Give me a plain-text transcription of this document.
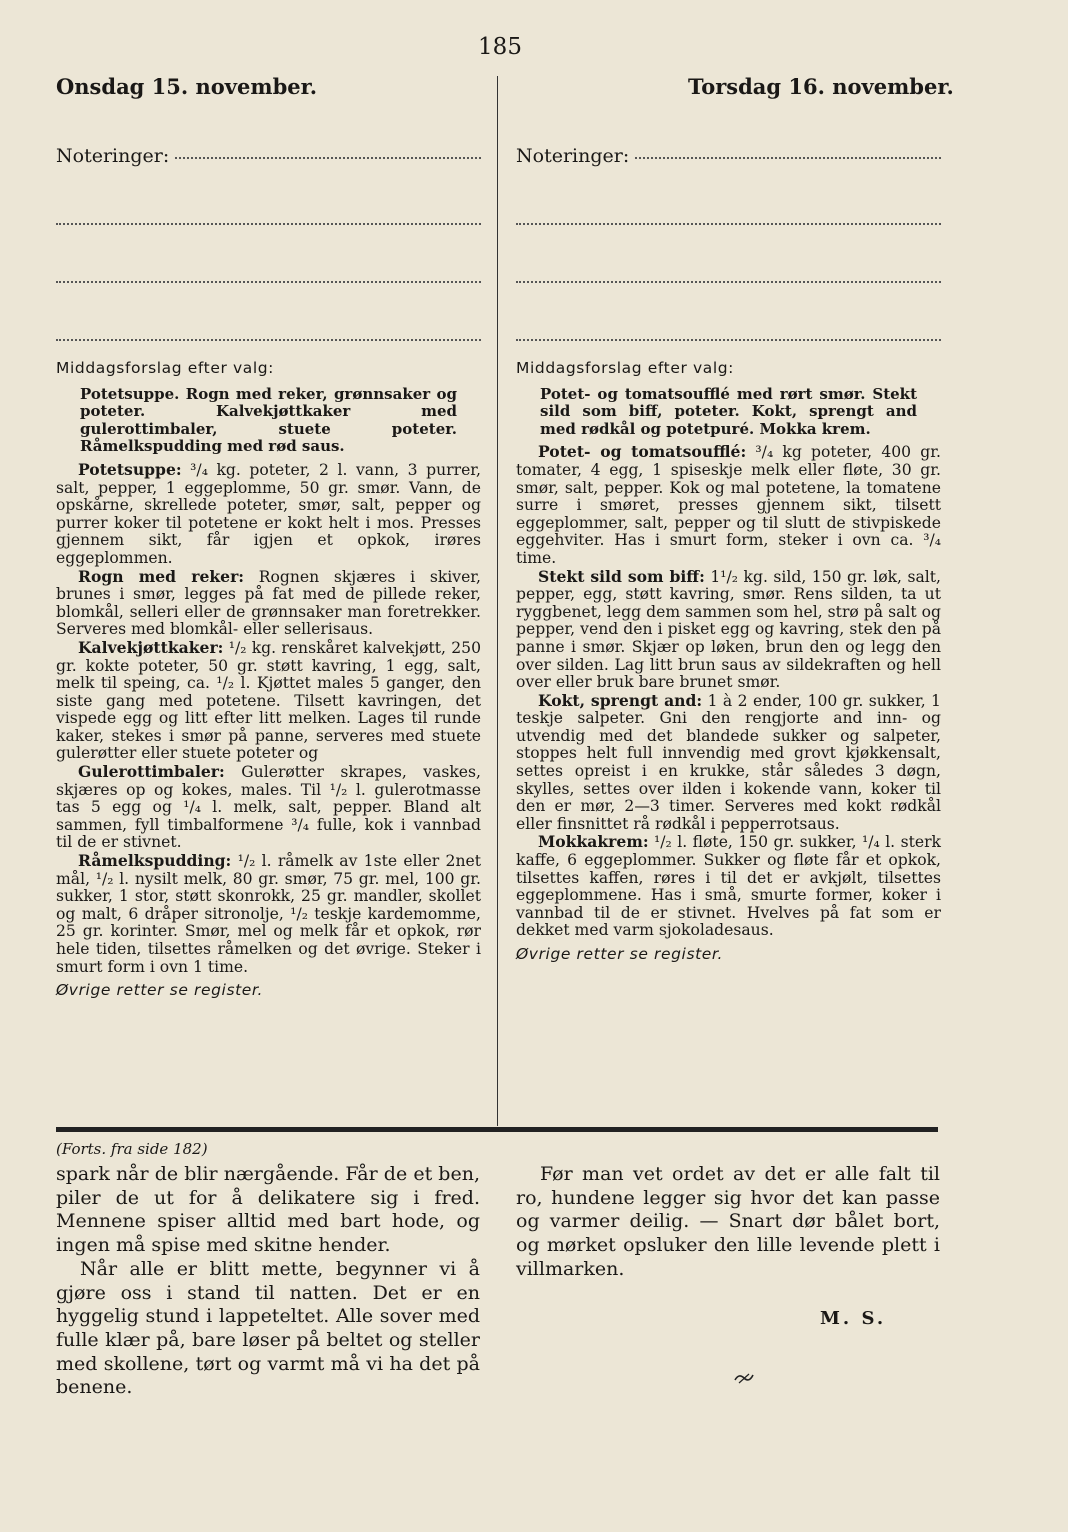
185
Onsdag 15. november.	Torsdag 16. november.
Noteringer:	Noteringer:

Middagsforslag efter valg:

Potetsuppe. Rogn med reker, grønnsaker og poteter. Kalvekjøttkaker med gulerottimbaler, stuete poteter. Råmelkspudding med rød saus.

Potetsuppe: ³/₄ kg. poteter, 2 l. vann, 3 purrer, salt, pepper, 1 eggeplomme, 50 gr. smør. Vann, de opskårne, skrellede poteter, smør, salt, pepper og purrer koker til potetene er kokt helt i mos. Presses gjennem sikt, får igjen et opkok, irøres eggeplommen.

Rogn med reker: Rognen skjæres i skiver, brunes i smør, legges på fat med de pillede reker, blomkål, selleri eller de grønnsaker man foretrekker. Serveres med blomkål- eller sellerisaus.

Kalvekjøttkaker: ¹/₂ kg. renskåret kalvekjøtt, 250 gr. kokte poteter, 50 gr. støtt kavring, 1 egg, salt, melk til speing, ca. ¹/₂ l. Kjøttet males 5 ganger, den siste gang med potetene. Tilsett kavringen, det vispede egg og litt efter litt melken. Lages til runde kaker, stekes i smør på panne, serveres med stuete gulerøtter eller stuete poteter og

Gulerottimbaler: Gulerøtter skrapes, vaskes, skjæres op og kokes, males. Til ¹/₂ l. gulerotmasse tas 5 egg og ¹/₄ l. melk, salt, pepper. Bland alt sammen, fyll timbalformene ³/₄ fulle, kok i vannbad til de er stivnet.

Råmelkspudding: ¹/₂ l. råmelk av 1ste eller 2net mål, ¹/₂ l. nysilt melk, 80 gr. smør, 75 gr. mel, 100 gr. sukker, 1 stor, støtt skonrokk, 25 gr. mandler, skollet og malt, 6 dråper sitronolje, ¹/₂ teskje kardemomme, 25 gr. korinter. Smør, mel og melk får et opkok, rør hele tiden, tilsettes råmelken og det øvrige. Steker i smurt form i ovn 1 time.

Øvrige retter se register.

Middagsforslag efter valg:

Potet- og tomatsoufflé med rørt smør. Stekt sild som biff, poteter. Kokt, sprengt and med rødkål og potetpuré. Mokka krem.

Potet- og tomatsoufflé: ³/₄ kg poteter, 400 gr. tomater, 4 egg, 1 spiseskje melk eller fløte, 30 gr. smør, salt, pepper. Kok og mal potetene, la tomatene surre i smøret, presses gjennem sikt, tilsett eggeplommer, salt, pepper og til slutt de stivpiskede eggehviter. Has i smurt form, steker i ovn ca. ³/₄ time.

Stekt sild som biff: 1¹/₂ kg. sild, 150 gr. løk, salt, pepper, egg, støtt kavring, smør. Rens silden, ta ut ryggbenet, legg dem sammen som hel, strø på salt og pepper, vend den i pisket egg og kavring, stek den på panne i smør. Skjær op løken, brun den og legg den over silden. Lag litt brun saus av sildekraften og hell over eller bruk bare brunet smør.

Kokt, sprengt and: 1 à 2 ender, 100 gr. sukker, 1 teskje salpeter. Gni den rengjorte and inn- og utvendig med det blandede sukker og salpeter, stoppes helt full innvendig med grovt kjøkkensalt, settes opreist i en krukke, står således 3 døgn, skylles, settes over ilden i kokende vann, koker til den er mør, 2—3 timer. Serveres med kokt rødkål eller finsnittet rå rødkål i pepperrotsaus.

Mokkakrem: ¹/₂ l. fløte, 150 gr. sukker, ¹/₄ l. sterk kaffe, 6 eggeplommer. Sukker og fløte får et opkok, tilsettes kaffen, røres i til det er avkjølt, tilsettes eggeplommene. Has i små, smurte former, koker i vannbad til de er stivnet. Hvelves på fat som er dekket med varm sjokoladesaus.

Øvrige retter se register.

(Forts. fra side 182)

spark når de blir nærgående. Får de et ben, piler de ut for å delikatere sig i fred. Mennene spiser alltid med bart hode, og ingen må spise med skitne hender.

Når alle er blitt mette, begynner vi å gjøre oss i stand til natten. Det er en hyggelig stund i lappeteltet. Alle sover med fulle klær på, bare løser på beltet og steller med skollene, tørt og varmt må vi ha det på benene.

Før man vet ordet av det er alle falt til ro, hundene legger sig hvor det kan passe og varmer deilig. — Snart dør bålet bort, og mørket opsluker den lille levende plett i villmarken.

M. S.
